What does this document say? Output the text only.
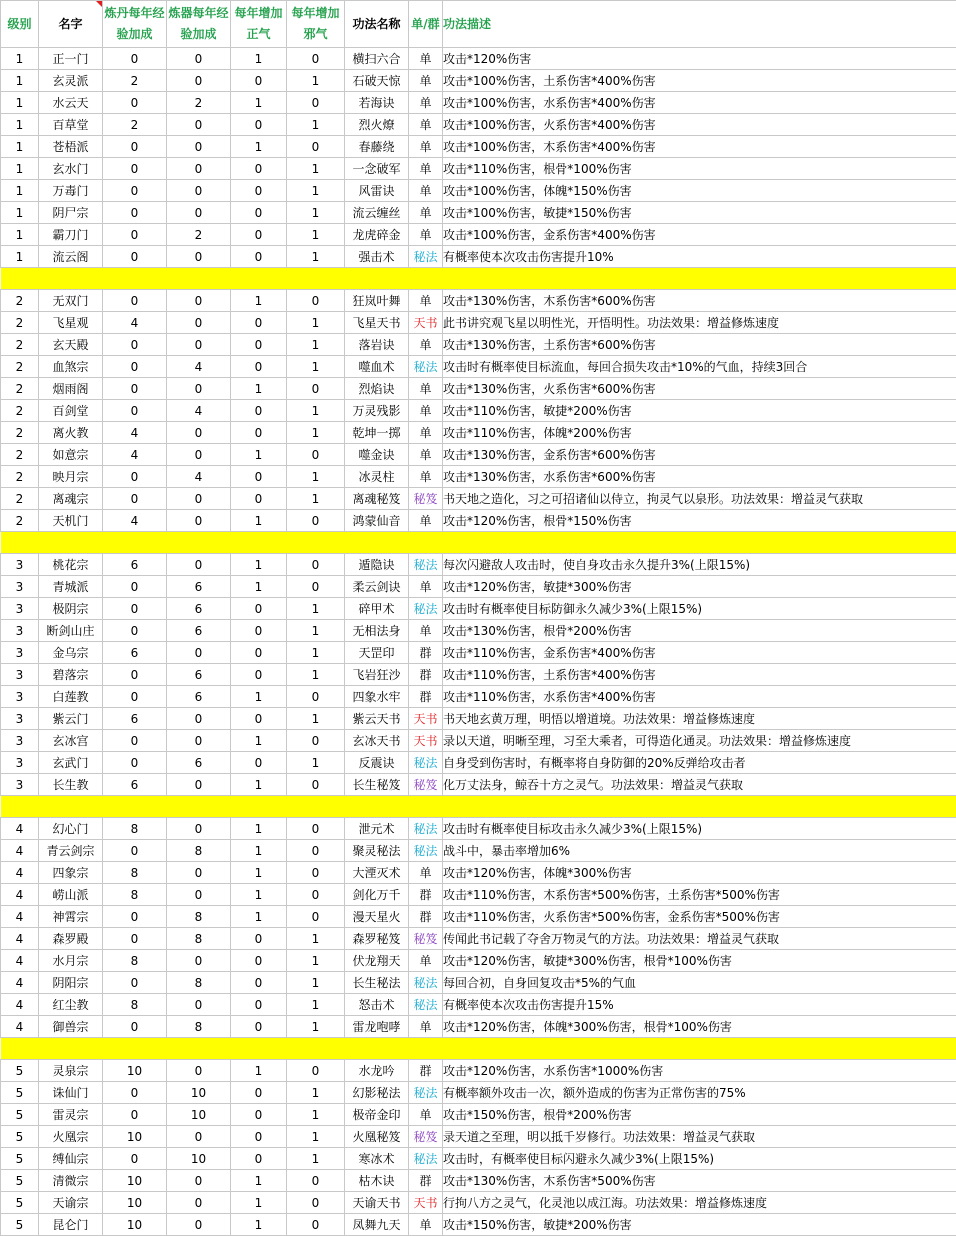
级别	名字	炼丹每年经验加成	炼器每年经验加成	每年增加正气	每年增加邪气	功法名称	单/群	功法描述
1	正一门	0	0	1	0	横扫六合	单	攻击*120%伤害
1	玄灵派	2	0	0	1	石破天惊	单	攻击*100%伤害，土系伤害*400%伤害
1	水云天	0	2	1	0	若海诀	单	攻击*100%伤害，水系伤害*400%伤害
1	百草堂	2	0	0	1	烈火燎	单	攻击*100%伤害，火系伤害*400%伤害
1	苍梧派	0	0	1	0	春藤绕	单	攻击*100%伤害，木系伤害*400%伤害
1	玄水门	0	0	0	1	一念破军	单	攻击*110%伤害，根骨*100%伤害
1	万毒门	0	0	0	1	风雷诀	单	攻击*100%伤害，体魄*150%伤害
1	阴尸宗	0	0	0	1	流云缠丝	单	攻击*100%伤害，敏捷*150%伤害
1	霸刀门	0	2	0	1	龙虎碎金	单	攻击*100%伤害，金系伤害*400%伤害
1	流云阁	0	0	0	1	强击术	秘法	有概率使本次攻击伤害提升10%

2	无双门	0	0	1	0	狂岚叶舞	单	攻击*130%伤害，木系伤害*600%伤害
2	飞星观	4	0	0	1	飞星天书	天书	此书讲究观飞星以明性光，开悟明性。功法效果：增益修炼速度
2	玄天殿	0	0	0	1	落岩诀	单	攻击*130%伤害，土系伤害*600%伤害
2	血煞宗	0	4	0	1	噬血术	秘法	攻击时有概率使目标流血，每回合损失攻击*10%的气血，持续3回合
2	烟雨阁	0	0	1	0	烈焰诀	单	攻击*130%伤害，火系伤害*600%伤害
2	百剑堂	0	4	0	1	万灵残影	单	攻击*110%伤害，敏捷*200%伤害
2	离火教	4	0	0	1	乾坤一掷	单	攻击*110%伤害，体魄*200%伤害
2	如意宗	4	0	1	0	噬金诀	单	攻击*130%伤害，金系伤害*600%伤害
2	映月宗	0	4	0	1	冰灵柱	单	攻击*130%伤害，水系伤害*600%伤害
2	离魂宗	0	0	0	1	离魂秘笈	秘笈	书天地之造化，习之可招诸仙以侍立，拘灵气以泉形。功法效果：增益灵气获取
2	天机门	4	0	1	0	鸿蒙仙音	单	攻击*120%伤害，根骨*150%伤害

3	桃花宗	6	0	1	0	遁隐诀	秘法	每次闪避敌人攻击时，使自身攻击永久提升3%(上限15%)
3	青城派	0	6	1	0	柔云剑诀	单	攻击*120%伤害，敏捷*300%伤害
3	极阴宗	0	6	0	1	碎甲术	秘法	攻击时有概率使目标防御永久减少3%(上限15%)
3	断剑山庄	0	6	0	1	无相法身	单	攻击*130%伤害，根骨*200%伤害
3	金乌宗	6	0	0	1	天罡印	群	攻击*110%伤害，金系伤害*400%伤害
3	碧落宗	0	6	0	1	飞岩狂沙	群	攻击*110%伤害，土系伤害*400%伤害
3	白莲教	0	6	1	0	四象水牢	群	攻击*110%伤害，水系伤害*400%伤害
3	紫云门	6	0	0	1	紫云天书	天书	书天地玄黄万理，明悟以增道境。功法效果：增益修炼速度
3	玄冰宫	0	0	1	0	玄冰天书	天书	录以天道，明晰至理，习至大乘者，可得造化通灵。功法效果：增益修炼速度
3	玄武门	0	6	0	1	反震诀	秘法	自身受到伤害时，有概率将自身防御的20%反弹给攻击者
3	长生教	6	0	1	0	长生秘笈	秘笈	化万丈法身，鲸吞十方之灵气。功法效果：增益灵气获取

4	幻心门	8	0	1	0	泄元术	秘法	攻击时有概率使目标攻击永久减少3%(上限15%)
4	青云剑宗	0	8	1	0	聚灵秘法	秘法	战斗中，暴击率增加6%
4	四象宗	8	0	1	0	大湮灭术	单	攻击*120%伤害，体魄*300%伤害
4	崂山派	8	0	1	0	剑化万千	群	攻击*110%伤害，木系伤害*500%伤害，土系伤害*500%伤害
4	神霄宗	0	8	1	0	漫天星火	群	攻击*110%伤害，火系伤害*500%伤害，金系伤害*500%伤害
4	森罗殿	0	8	0	1	森罗秘笈	秘笈	传闻此书记载了夺舍万物灵气的方法。功法效果：增益灵气获取
4	水月宗	8	0	0	1	伏龙翔天	单	攻击*120%伤害，敏捷*300%伤害，根骨*100%伤害
4	阴阳宗	0	8	0	1	长生秘法	秘法	每回合初，自身回复攻击*5%的气血
4	红尘教	8	0	0	1	怒击术	秘法	有概率使本次攻击伤害提升15%
4	御兽宗	0	8	0	1	雷龙咆哮	单	攻击*120%伤害，体魄*300%伤害，根骨*100%伤害

5	灵泉宗	10	0	1	0	水龙吟	群	攻击*120%伤害，水系伤害*1000%伤害
5	诛仙门	0	10	0	1	幻影秘法	秘法	有概率额外攻击一次，额外造成的伤害为正常伤害的75%
5	雷灵宗	0	10	0	1	极帝金印	单	攻击*150%伤害，根骨*200%伤害
5	火凰宗	10	0	0	1	火凰秘笈	秘笈	录天道之至理，明以抵千岁修行。功法效果：增益灵气获取
5	缚仙宗	0	10	0	1	寒冰术	秘法	攻击时，有概率使目标闪避永久减少3%(上限15%)
5	清微宗	10	0	1	0	枯木诀	群	攻击*130%伤害，木系伤害*500%伤害
5	天谕宗	10	0	1	0	天谕天书	天书	行拘八方之灵气，化灵池以成江海。功法效果：增益修炼速度
5	昆仑门	10	0	1	0	凤舞九天	单	攻击*150%伤害，敏捷*200%伤害
